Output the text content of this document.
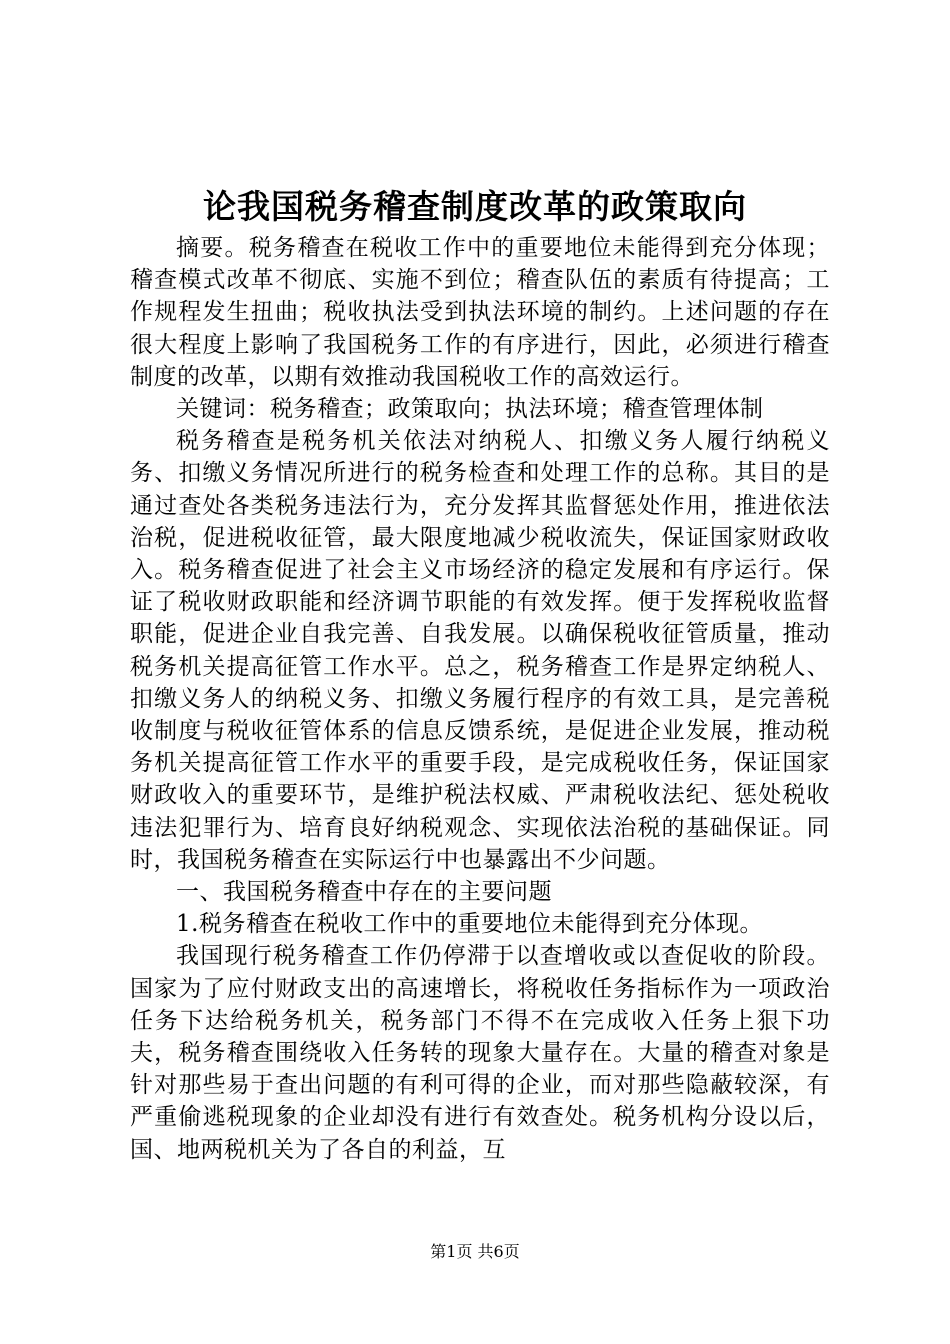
论我国税务稽查制度改革的政策取向

摘要。税务稽查在税收工作中的重要地位未能得到充分体现；稽查模式改革不彻底、实施不到位；稽查队伍的素质有待提高；工作规程发生扭曲；税收执法受到执法环境的制约。上述问题的存在很大程度上影响了我国税务工作的有序进行，因此，必须进行稽查制度的改革，以期有效推动我国税收工作的高效运行。

关键词：税务稽查；政策取向；执法环境；稽查管理体制

税务稽查是税务机关依法对纳税人、扣缴义务人履行纳税义务、扣缴义务情况所进行的税务检查和处理工作的总称。其目的是通过查处各类税务违法行为，充分发挥其监督惩处作用，推进依法治税，促进税收征管，最大限度地减少税收流失，保证国家财政收入。税务稽查促进了社会主义市场经济的稳定发展和有序运行。保证了税收财政职能和经济调节职能的有效发挥。便于发挥税收监督职能，促进企业自我完善、自我发展。以确保税收征管质量，推动税务机关提高征管工作水平。总之，税务稽查工作是界定纳税人、扣缴义务人的纳税义务、扣缴义务履行程序的有效工具，是完善税收制度与税收征管体系的信息反馈系统，是促进企业发展，推动税务机关提高征管工作水平的重要手段，是完成税收任务，保证国家财政收入的重要环节，是维护税法权威、严肃税收法纪、惩处税收违法犯罪行为、培育良好纳税观念、实现依法治税的基础保证。同时，我国税务稽查在实际运行中也暴露出不少问题。

一、我国税务稽查中存在的主要问题

1.税务稽查在税收工作中的重要地位未能得到充分体现。

我国现行税务稽查工作仍停滞于以查增收或以查促收的阶段。国家为了应付财政支出的高速增长，将税收任务指标作为一项政治任务下达给税务机关，税务部门不得不在完成收入任务上狠下功夫，税务稽查围绕收入任务转的现象大量存在。大量的稽查对象是针对那些易于查出问题的有利可得的企业，而对那些隐蔽较深，有严重偷逃税现象的企业却没有进行有效查处。税务机构分设以后，国、地两税机关为了各自的利益，互

第1页 共6页
